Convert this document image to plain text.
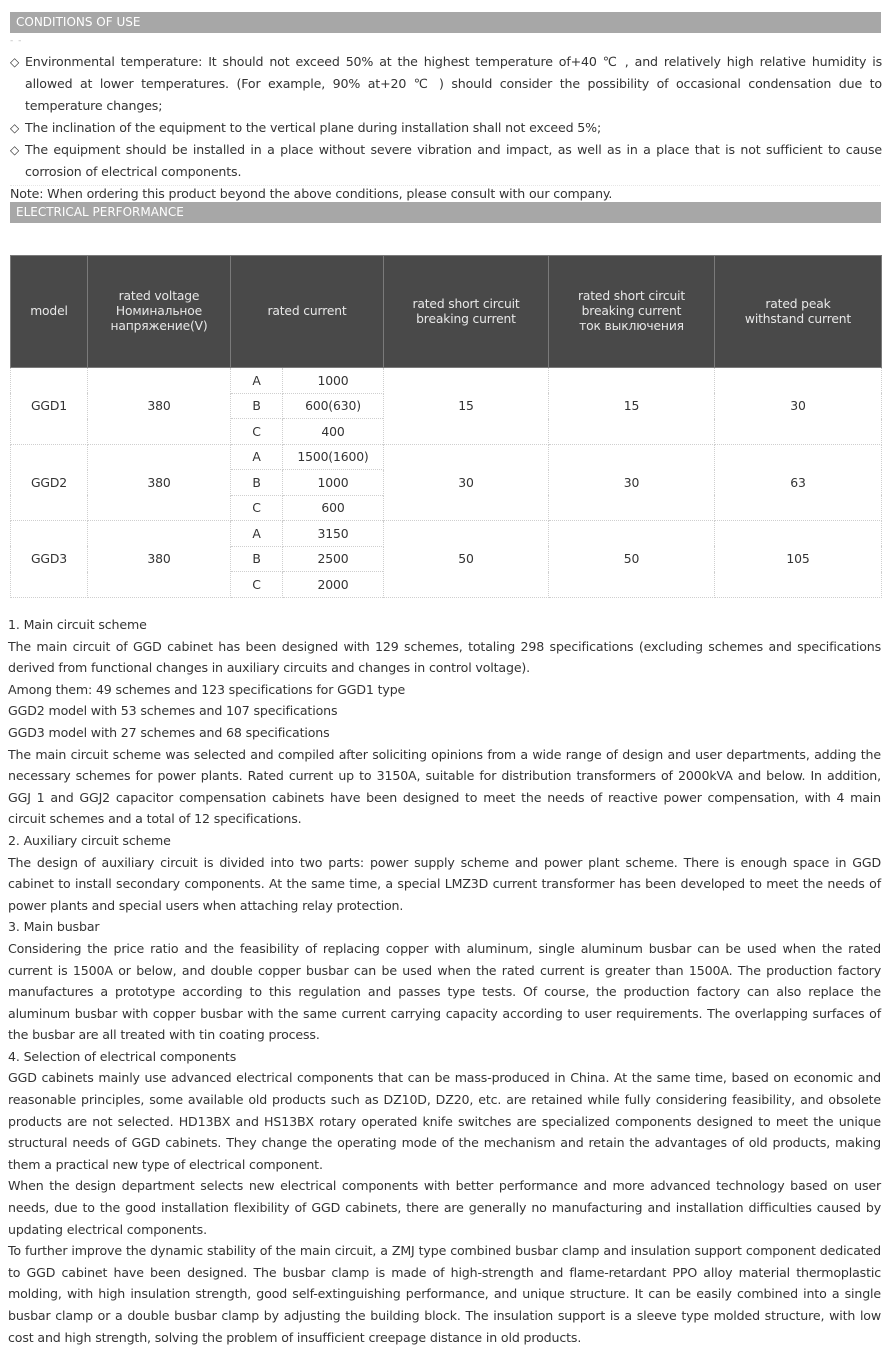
CONDITIONS OF USE
- -
◇ Environmental temperature: It should not exceed 50% at the highest temperature of+40 ℃ , and relatively high relative humidity is allowed at lower temperatures. (For example, 90% at+20 ℃ ) should consider the possibility of occasional condensation due to temperature changes;
◇ The inclination of the equipment to the vertical plane during installation shall not exceed 5%;
◇ The equipment should be installed in a place without severe vibration and impact, as well as in a place that is not sufficient to cause corrosion of electrical components.
Note: When ordering this product beyond the above conditions, please consult with our company.
ELECTRICAL PERFORMANCE
model	rated voltage Номинальное напряжение(V)	rated current		rated short circuit breaking current	rated short circuit breaking current ток выключения	rated peak withstand current
GGD1	380	A	1000	15	15	30
		B	600(630)			
		C	400			
GGD2	380	A	1500(1600)	30	30	63
		B	1000			
		C	600			
GGD3	380	A	3150	50	50	105
		B	2500			
		C	2000			

1. Main circuit scheme

The main circuit of GGD cabinet has been designed with 129 schemes, totaling 298 specifications (excluding schemes and specifications derived from functional changes in auxiliary circuits and changes in control voltage).

Among them: 49 schemes and 123 specifications for GGD1 type

GGD2 model with 53 schemes and 107 specifications

GGD3 model with 27 schemes and 68 specifications

The main circuit scheme was selected and compiled after soliciting opinions from a wide range of design and user departments, adding the necessary schemes for power plants. Rated current up to 3150A, suitable for distribution transformers of 2000kVA and below. In addition, GGJ 1 and GGJ2 capacitor compensation cabinets have been designed to meet the needs of reactive power compensation, with 4 main circuit schemes and a total of 12 specifications.

2. Auxiliary circuit scheme

The design of auxiliary circuit is divided into two parts: power supply scheme and power plant scheme. There is enough space in GGD cabinet to install secondary components. At the same time, a special LMZ3D current transformer has been developed to meet the needs of power plants and special users when attaching relay protection.

3. Main busbar

Considering the price ratio and the feasibility of replacing copper with aluminum, single aluminum busbar can be used when the rated current is 1500A or below, and double copper busbar can be used when the rated current is greater than 1500A. The production factory manufactures a prototype according to this regulation and passes type tests. Of course, the production factory can also replace the aluminum busbar with copper busbar with the same current carrying capacity according to user requirements. The overlapping surfaces of the busbar are all treated with tin coating process.

4. Selection of electrical components

GGD cabinets mainly use advanced electrical components that can be mass-produced in China. At the same time, based on economic and reasonable principles, some available old products such as DZ10D, DZ20, etc. are retained while fully considering feasibility, and obsolete products are not selected. HD13BX and HS13BX rotary operated knife switches are specialized components designed to meet the unique structural needs of GGD cabinets. They change the operating mode of the mechanism and retain the advantages of old products, making them a practical new type of electrical component.

When the design department selects new electrical components with better performance and more advanced technology based on user needs, due to the good installation flexibility of GGD cabinets, there are generally no manufacturing and installation difficulties caused by updating electrical components.

To further improve the dynamic stability of the main circuit, a ZMJ type combined busbar clamp and insulation support component dedicated to GGD cabinet have been designed. The busbar clamp is made of high-strength and flame-retardant PPO alloy material thermoplastic molding, with high insulation strength, good self-extinguishing performance, and unique structure. It can be easily combined into a single busbar clamp or a double busbar clamp by adjusting the building block. The insulation support is a sleeve type molded structure, with low cost and high strength, solving the problem of insufficient creepage distance in old products.
